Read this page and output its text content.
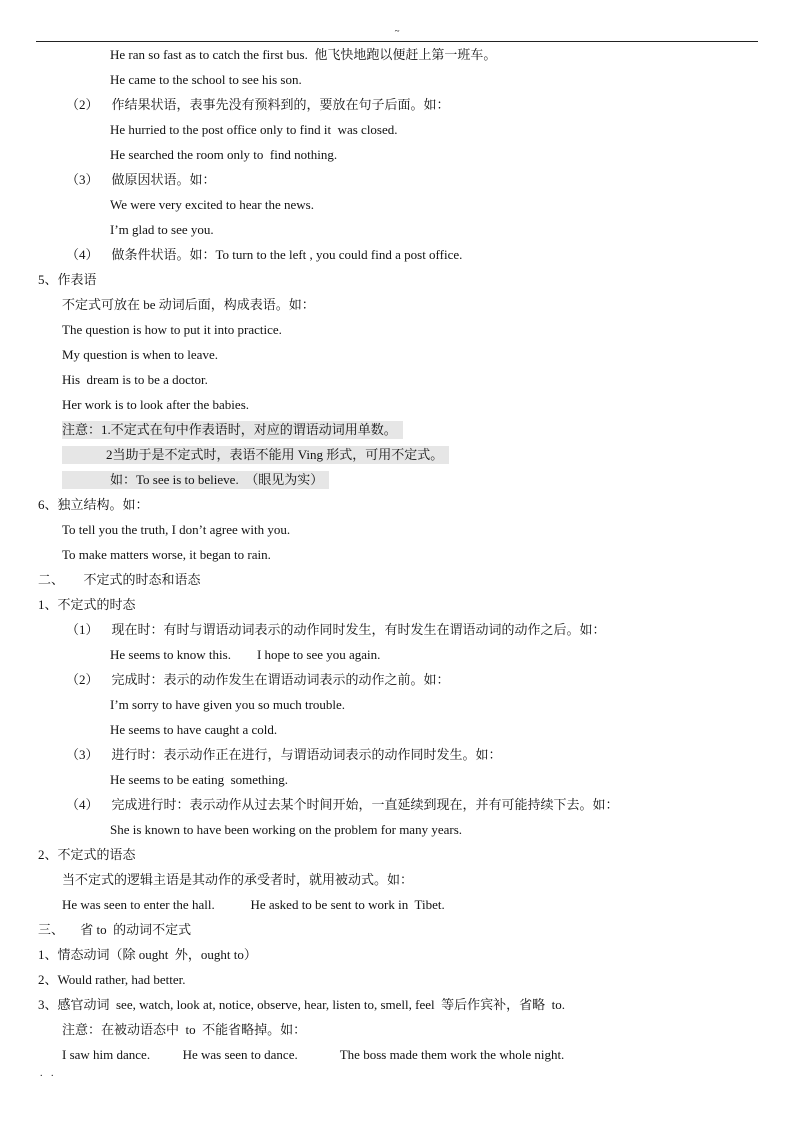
~
He ran so fast as to catch the first bus.  他飞快地跑以便赶上第一班车。
He came to the school to see his son.
（2）    作结果状语，表事先没有预料到的，要放在句子后面。如：
He hurried to the post office only to find it  was closed.
He searched the room only to  find nothing.
（3）    做原因状语。如：
We were very excited to hear the news.
I’m glad to see you.
（4）    做条件状语。如：To turn to the left , you could find a post office.
5、作表语
不定式可放在 be 动词后面，构成表语。如：
The question is how to put it into practice.
My question is when to leave.
His  dream is to be a doctor.
Her work is to look after the babies.
注意：1.不定式在句中作表语时，对应的谓语动词用单数。
2当助于是不定式时，表语不能用 Ving 形式，可用不定式。
如：To see is to believe.  （眼见为实）
6、独立结构。如：
To tell you the truth, I don’t agree with you.
To make matters worse, it began to rain.
二、      不定式的时态和语态
1、不定式的时态
（1）    现在时：有时与谓语动词表示的动作同时发生，有时发生在谓语动词的动作之后。如：
He seems to know this.        I hope to see you again.
（2）    完成时：表示的动作发生在谓语动词表示的动作之前。如：
I’m sorry to have given you so much trouble.
He seems to have caught a cold.
（3）    进行时：表示动作正在进行，与谓语动词表示的动作同时发生。如：
He seems to be eating  something.
（4）    完成进行时：表示动作从过去某个时间开始，一直延续到现在，并有可能持续下去。如：
She is known to have been working on the problem for many years.
2、不定式的语态
当不定式的逻辑主语是其动作的承受者时，就用被动式。如：
He was seen to enter the hall.           He asked to be sent to work in  Tibet.
三、     省 to  的动词不定式
1、情态动词（除 ought  外，ought to）
2、Would rather, had better.
3、感官动词  see, watch, look at, notice, observe, hear, listen to, smell, feel  等后作宾补，省略  to.
注意：在被动语态中  to  不能省略掉。如：
I saw him dance.          He was seen to dance.             The boss made them work the whole night.
. .
